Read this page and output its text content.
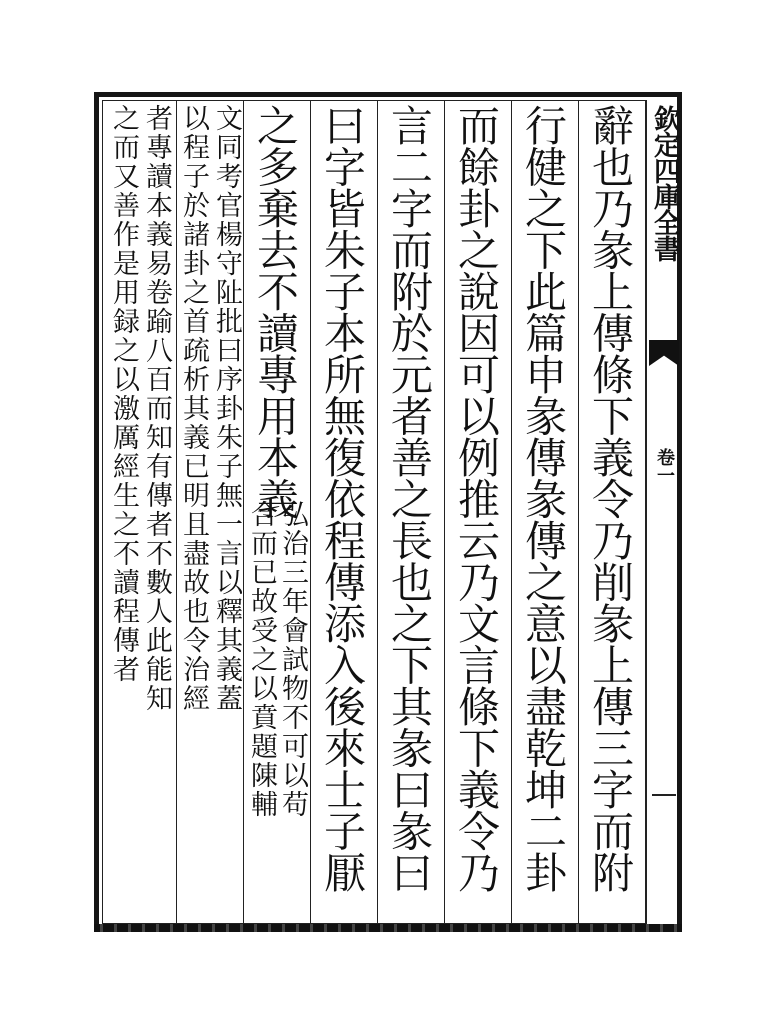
欽定四庫全書
卷一
辭也乃彖上傳條下義令乃削彖上傳三字而附
行健之下此篇申彖傳彖傳之意以盡乾坤二卦
而餘卦之說因可以例推云乃文言條下義令乃
言二字而附於元者善之長也之下其彖曰彖曰
曰字皆朱子本所無復依程傳添入後來士子厭
之多棄去不讀專用本義
弘治三年會試物不可以苟
合而已故受之以賁題陳輔
文同考官楊守阯批曰序卦朱子無一言以釋其義蓋
以程子於諸卦之首疏析其義已明且盡故也令治經
者專讀本義易卷踰八百而知有傳者不數人此能知
之而又善作是用録之以激厲經生之不讀程傳者
